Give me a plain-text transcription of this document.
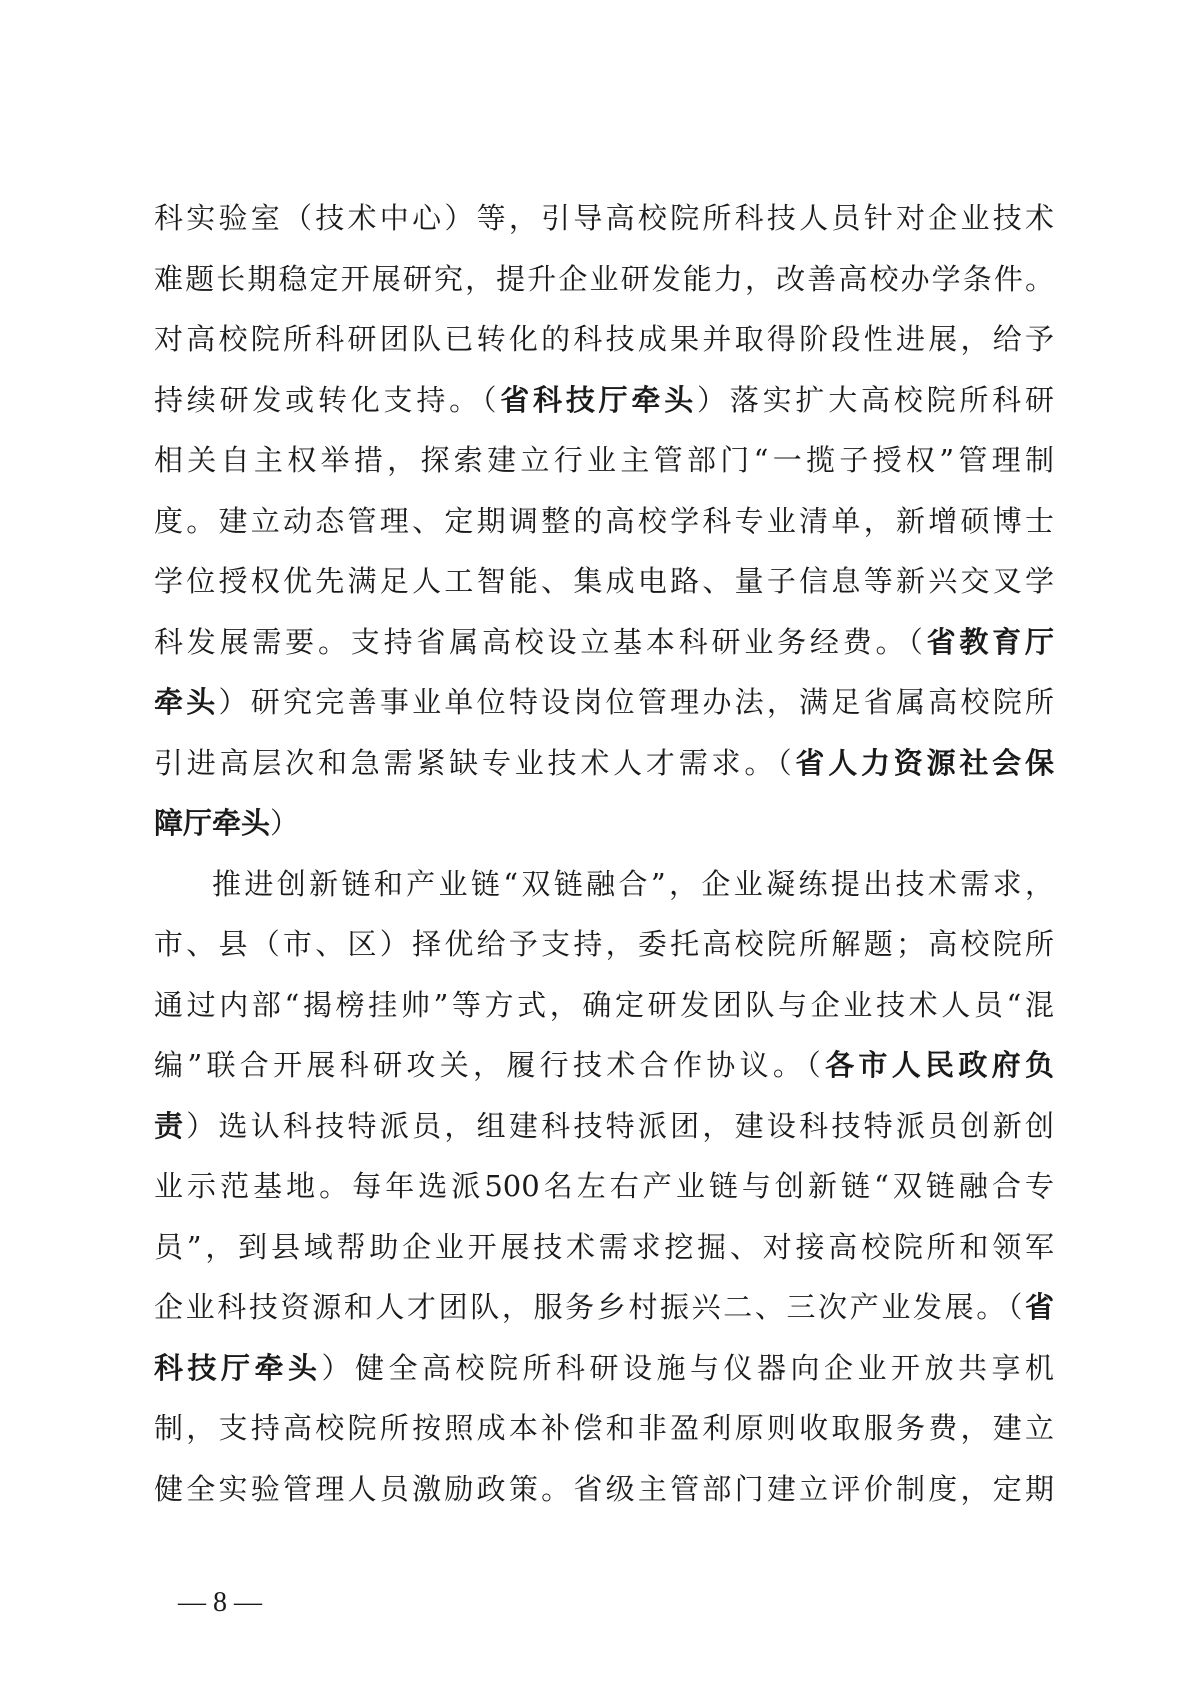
科实验室（技术中心）等，引导高校院所科技人员针对企业技术
难题长期稳定开展研究，提升企业研发能力，改善高校办学条件。
对高校院所科研团队已转化的科技成果并取得阶段性进展，给予
持续研发或转化支持。（省科技厅牵头）落实扩大高校院所科研
相关自主权举措，探索建立行业主管部门“一揽子授权”管理制
度。建立动态管理、定期调整的高校学科专业清单，新增硕博士
学位授权优先满足人工智能、集成电路、量子信息等新兴交叉学
科发展需要。支持省属高校设立基本科研业务经费。（省教育厅
牵头）研究完善事业单位特设岗位管理办法，满足省属高校院所
引进高层次和急需紧缺专业技术人才需求。（省人力资源社会保
障厅牵头）
推进创新链和产业链“双链融合”，企业凝练提出技术需求，
市、县（市、区）择优给予支持，委托高校院所解题；高校院所
通过内部“揭榜挂帅”等方式，确定研发团队与企业技术人员“混
编”联合开展科研攻关，履行技术合作协议。（各市人民政府负
责）选认科技特派员，组建科技特派团，建设科技特派员创新创
业示范基地。每年选派500名左右产业链与创新链“双链融合专
员”，到县域帮助企业开展技术需求挖掘、对接高校院所和领军
企业科技资源和人才团队，服务乡村振兴二、三次产业发展。（省
科技厅牵头）健全高校院所科研设施与仪器向企业开放共享机
制，支持高校院所按照成本补偿和非盈利原则收取服务费，建立
健全实验管理人员激励政策。省级主管部门建立评价制度，定期
— 8 —
